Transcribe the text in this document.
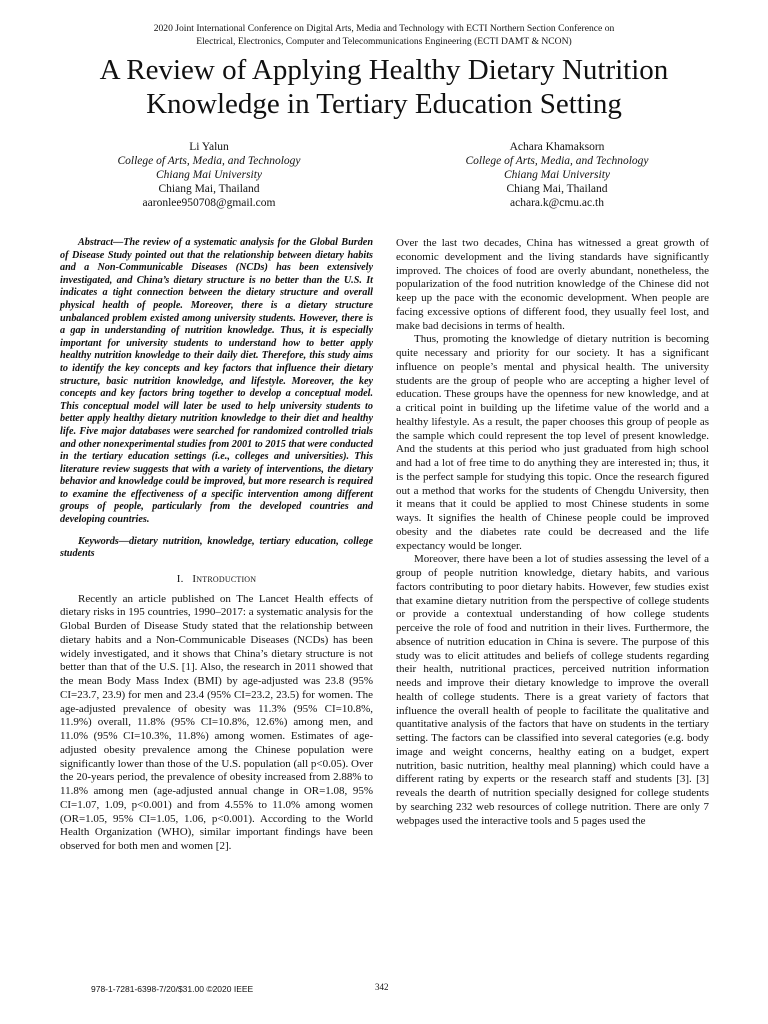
2020 Joint International Conference on Digital Arts, Media and Technology with ECTI Northern Section Conference on
Electrical, Electronics, Computer and Telecommunications Engineering (ECTI DAMT & NCON)
A Review of Applying Healthy Dietary Nutrition
Knowledge in Tertiary Education Setting
Li Yalun
College of Arts, Media, and Technology
Chiang Mai University
Chiang Mai, Thailand
aaronlee950708@gmail.com
Achara Khamaksorn
College of Arts, Media, and Technology
Chiang Mai University
Chiang Mai, Thailand
achara.k@cmu.ac.th

Abstract—The review of a systematic analysis for the Global Burden of Disease Study pointed out that the relationship between dietary habits and a Non-Communicable Diseases (NCDs) has been extensively investigated, and China’s dietary structure is no better than the U.S. It indicates a tight connection between the dietary structure and overall physical health of people. Moreover, there is a dietary structure unbalanced problem existed among university students. However, there is a gap in understanding of nutrition knowledge. Thus, it is especially important for university students to understand how to better apply healthy nutrition knowledge to their daily diet. Therefore, this study aims to identify the key concepts and key factors that influence their dietary structure, basic nutrition knowledge, and lifestyle. Moreover, the key concepts and key factors bring together to develop a conceptual model. This conceptual model will later be used to help university students to better apply healthy dietary nutrition knowledge to their diet and healthy life. Five major databases were searched for randomized controlled trials and other nonexperimental studies from 2001 to 2015 that were conducted in the tertiary education settings (i.e., colleges and universities). This literature review suggests that with a variety of interventions, the dietary behavior and knowledge could be improved, but more research is required to examine the effectiveness of a specific intervention among different groups of people, particularly from the developed countries and developing countries.

Keywords—dietary nutrition, knowledge, tertiary education, college students

I. Introduction

Recently an article published on The Lancet Health effects of dietary risks in 195 countries, 1990–2017: a systematic analysis for the Global Burden of Disease Study stated that the relationship between dietary habits and a Non-Communicable Diseases (NCDs) has been widely investigated, and it shows that China’s dietary structure is not better than that of the U.S. [1]. Also, the research in 2011 showed that the mean Body Mass Index (BMI) by age-adjusted was 23.8 (95% CI=23.7, 23.9) for men and 23.4 (95% CI=23.2, 23.5) for women. The age-adjusted prevalence of obesity was 11.3% (95% CI=10.8%, 11.9%) overall, 11.8% (95% CI=10.8%, 12.6%) among men, and 11.0% (95% CI=10.3%, 11.8%) among women. Estimates of age-adjusted obesity prevalence among the Chinese population were significantly lower than those of the U.S. population (all p<0.05). Over the 20-years period, the prevalence of obesity increased from 2.88% to 11.8% among men (age-adjusted annual change in OR=1.08, 95% CI=1.07, 1.09, p<0.001) and from 4.55% to 11.0% among women (OR=1.05, 95% CI=1.05, 1.06, p<0.001). According to the World Health Organization (WHO), similar important findings have been observed for both men and women [2].

Over the last two decades, China has witnessed a great growth of economic development and the living standards have significantly improved. The choices of food are overly abundant, nonetheless, the popularization of the food nutrition knowledge of the Chinese did not keep up the pace with the economic development. When people are facing excessive options of different food, they usually feel lost, and make bad decisions in terms of health.

Thus, promoting the knowledge of dietary nutrition is becoming quite necessary and priority for our society. It has a significant influence on people’s mental and physical health. The university students are the group of people who are accepting a higher level of education. These groups have the openness for new knowledge, and at a critical point in building up the lifetime value of the world and a healthy lifestyle. As a result, the paper chooses this group of people as the sample which could represent the top level of present knowledge. And the students at this period who just graduated from high school and had a lot of free time to do anything they are interested in; thus, it is the perfect sample for studying this topic. Once the research figured out a method that works for the students of Chengdu University, then it means that it could be applied to most Chinese students in some ways. It signifies the health of Chinese people could be improved obesity and the diabetes rate could be decreased and the life expectancy would be longer.

Moreover, there have been a lot of studies assessing the level of a group of people nutrition knowledge, dietary habits, and various factors contributing to poor dietary habits. However, few studies exist that examine dietary nutrition from the perspective of college students or provide a contextual understanding of how college students perceive the role of food and nutrition in their lives. Furthermore, the absence of nutrition education in China is severe. The purpose of this study was to elicit attitudes and beliefs of college students regarding their health, nutritional practices, perceived nutrition information needs and improve their dietary knowledge to improve the overall health of college students. There is a great variety of factors that influence the overall health of people to facilitate the qualitative and quantitative analysis of the factors that have on students in the tertiary setting. The factors can be classified into several categories (e.g. body image and weight concerns, healthy eating on a budget, expert nutrition, basic nutrition, healthy meal planning) which could have a different rating by experts or the research staff and students [3]. [3] reveals the dearth of nutrition specially designed for college students by searching 232 web resources of college nutrition. There are only 7 webpages used the interactive tools and 5 pages used the

978-1-7281-6398-7/20/$31.00 ©2020 IEEE	342
